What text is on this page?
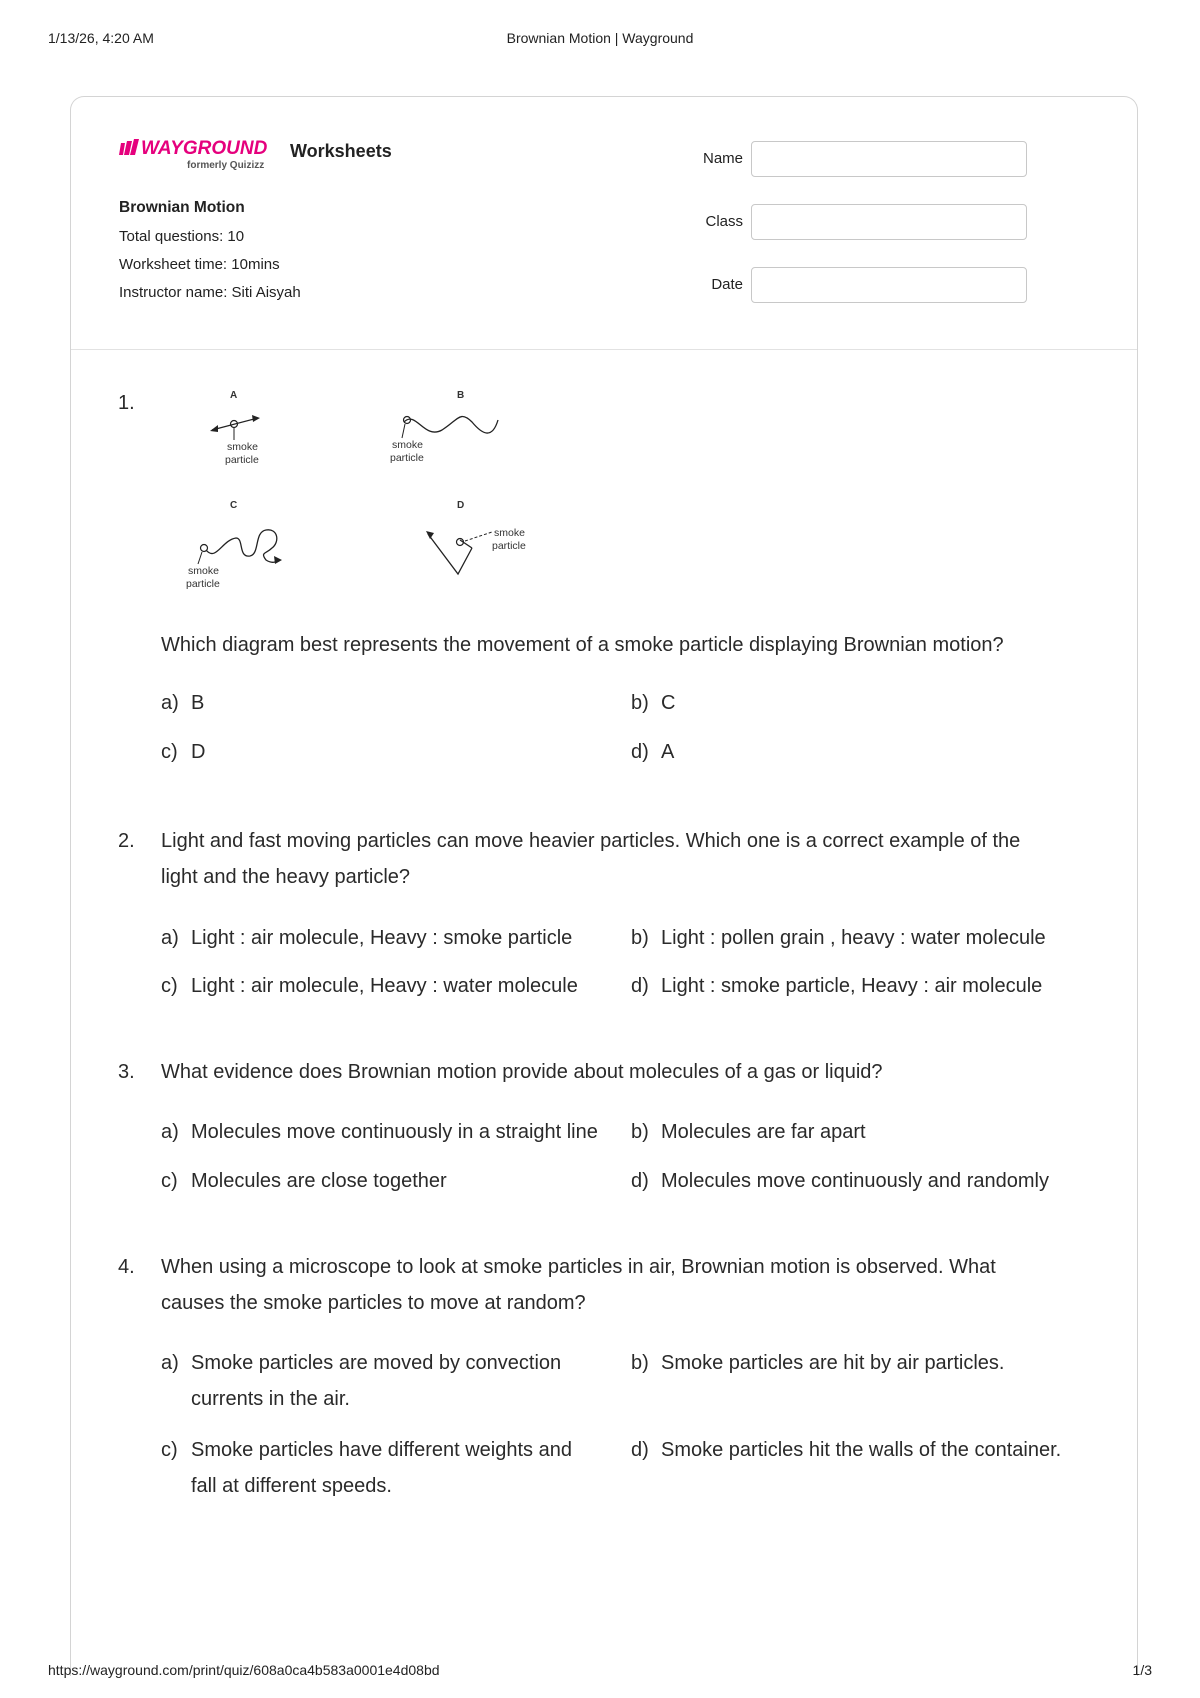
1/13/26, 4:20 AM	Brownian Motion | Wayground
WAYGROUND
formerly Quizizz
Worksheets
Brownian Motion
Total questions: 10
Worksheet time: 10mins
Instructor name: Siti Aisyah
Name
Class
Date
1.	A
smoke
particle
B
smoke
particle
C
smoke
particle
D
smoke
particle
Which diagram best represents the movement of a smoke particle displaying Brownian motion?
a) B	b) C
c) D	d) A
2.	Light and fast moving particles can move heavier particles. Which one is a correct example of the
light and the heavy particle?
a) Light : air molecule, Heavy : smoke particle	b) Light : pollen grain , heavy : water molecule
c) Light : air molecule, Heavy : water molecule	d) Light : smoke particle, Heavy : air molecule
3.	What evidence does Brownian motion provide about molecules of a gas or liquid?
a) Molecules move continuously in a straight line b) Molecules are far apart
c) Molecules are close together	d) Molecules move continuously and randomly
4.	When using a microscope to look at smoke particles in air, Brownian motion is observed. What
causes the smoke particles to move at random?
a) Smoke particles are moved by convection
currents in the air.
b) Smoke particles are hit by air particles.
c) Smoke particles have different weights and
fall at different speeds.
d) Smoke particles hit the walls of the container.
https://wayground.com/print/quiz/608a0ca4b583a0001e4d08bd	1/3
